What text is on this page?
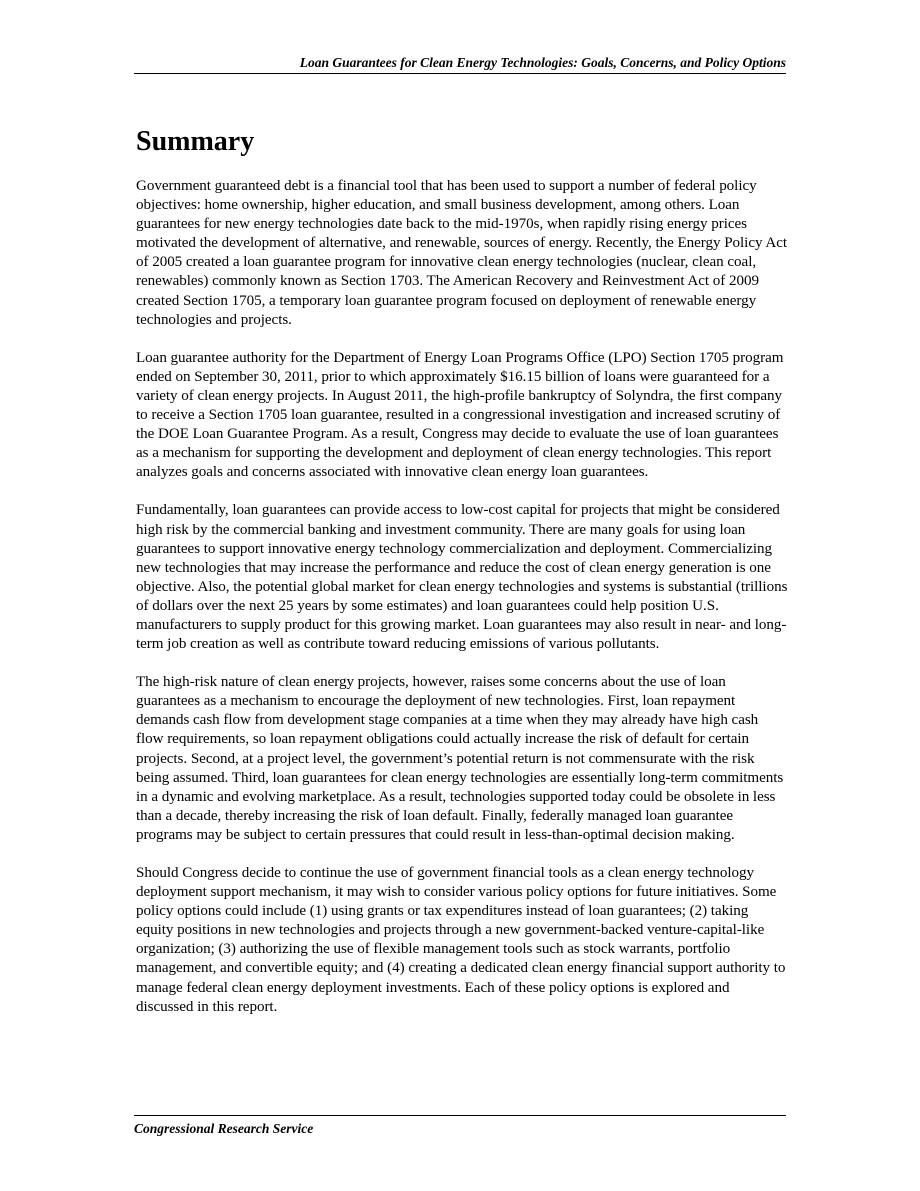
Loan Guarantees for Clean Energy Technologies: Goals, Concerns, and Policy Options
Summary

Government guaranteed debt is a financial tool that has been used to support a number of federal policy objectives: home ownership, higher education, and small business development, among others. Loan guarantees for new energy technologies date back to the mid-1970s, when rapidly rising energy prices motivated the development of alternative, and renewable, sources of energy. Recently, the Energy Policy Act of 2005 created a loan guarantee program for innovative clean energy technologies (nuclear, clean coal, renewables) commonly known as Section 1703. The American Recovery and Reinvestment Act of 2009 created Section 1705, a temporary loan guarantee program focused on deployment of renewable energy technologies and projects.

Loan guarantee authority for the Department of Energy Loan Programs Office (LPO) Section 1705 program ended on September 30, 2011, prior to which approximately $16.15 billion of loans were guaranteed for a variety of clean energy projects. In August 2011, the high-profile bankruptcy of Solyndra, the first company to receive a Section 1705 loan guarantee, resulted in a congressional investigation and increased scrutiny of the DOE Loan Guarantee Program. As a result, Congress may decide to evaluate the use of loan guarantees as a mechanism for supporting the development and deployment of clean energy technologies. This report analyzes goals and concerns associated with innovative clean energy loan guarantees.

Fundamentally, loan guarantees can provide access to low-cost capital for projects that might be considered high risk by the commercial banking and investment community. There are many goals for using loan guarantees to support innovative energy technology commercialization and deployment. Commercializing new technologies that may increase the performance and reduce the cost of clean energy generation is one objective. Also, the potential global market for clean energy technologies and systems is substantial (trillions of dollars over the next 25 years by some estimates) and loan guarantees could help position U.S. manufacturers to supply product for this growing market. Loan guarantees may also result in near- and long-term job creation as well as contribute toward reducing emissions of various pollutants.

The high-risk nature of clean energy projects, however, raises some concerns about the use of loan guarantees as a mechanism to encourage the deployment of new technologies. First, loan repayment demands cash flow from development stage companies at a time when they may already have high cash flow requirements, so loan repayment obligations could actually increase the risk of default for certain projects. Second, at a project level, the government’s potential return is not commensurate with the risk being assumed. Third, loan guarantees for clean energy technologies are essentially long-term commitments in a dynamic and evolving marketplace. As a result, technologies supported today could be obsolete in less than a decade, thereby increasing the risk of loan default. Finally, federally managed loan guarantee programs may be subject to certain pressures that could result in less-than-optimal decision making.

Should Congress decide to continue the use of government financial tools as a clean energy technology deployment support mechanism, it may wish to consider various policy options for future initiatives. Some policy options could include (1) using grants or tax expenditures instead of loan guarantees; (2) taking equity positions in new technologies and projects through a new government-backed venture-capital-like organization; (3) authorizing the use of flexible management tools such as stock warrants, portfolio management, and convertible equity; and (4) creating a dedicated clean energy financial support authority to manage federal clean energy deployment investments. Each of these policy options is explored and discussed in this report.

Congressional Research Service
